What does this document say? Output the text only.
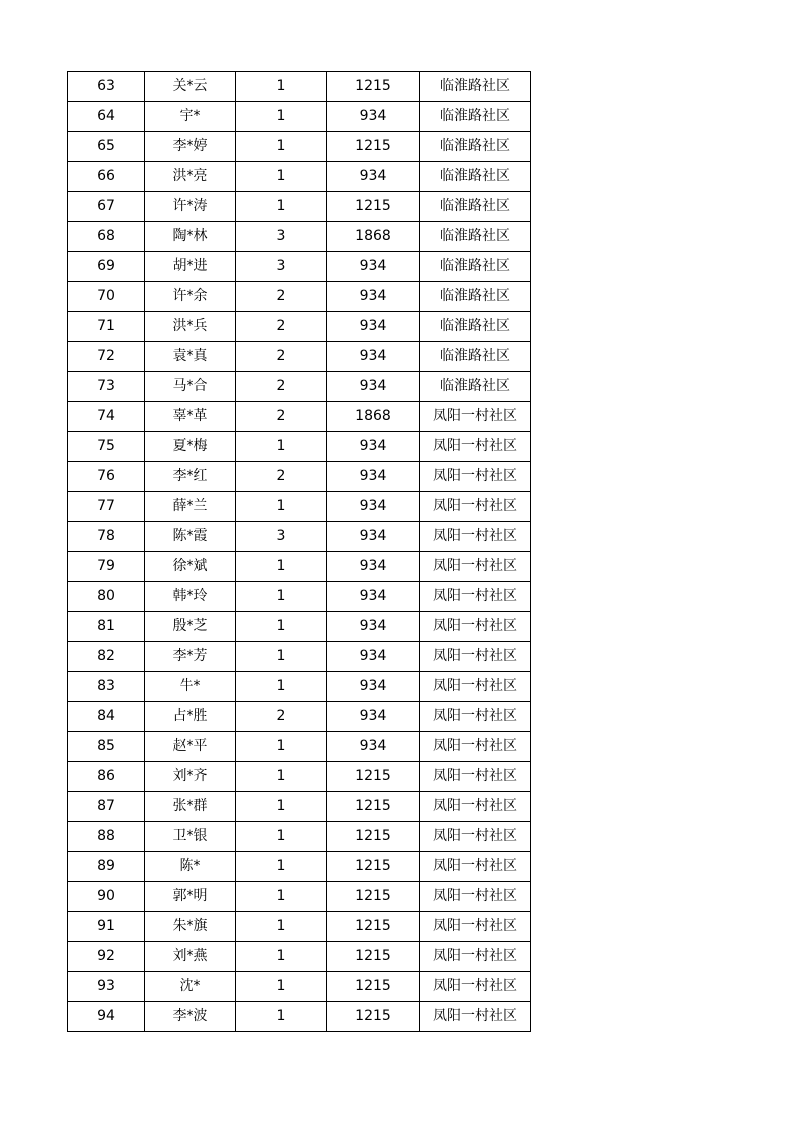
63	关*云	1	1215	临淮路社区
64	宇*	1	934	临淮路社区
65	李*婷	1	1215	临淮路社区
66	洪*亮	1	934	临淮路社区
67	许*涛	1	1215	临淮路社区
68	陶*林	3	1868	临淮路社区
69	胡*进	3	934	临淮路社区
70	许*余	2	934	临淮路社区
71	洪*兵	2	934	临淮路社区
72	袁*真	2	934	临淮路社区
73	马*合	2	934	临淮路社区
74	辜*革	2	1868	凤阳一村社区
75	夏*梅	1	934	凤阳一村社区
76	李*红	2	934	凤阳一村社区
77	薛*兰	1	934	凤阳一村社区
78	陈*霞	3	934	凤阳一村社区
79	徐*斌	1	934	凤阳一村社区
80	韩*玲	1	934	凤阳一村社区
81	殷*芝	1	934	凤阳一村社区
82	李*芳	1	934	凤阳一村社区
83	牛*	1	934	凤阳一村社区
84	占*胜	2	934	凤阳一村社区
85	赵*平	1	934	凤阳一村社区
86	刘*齐	1	1215	凤阳一村社区
87	张*群	1	1215	凤阳一村社区
88	卫*银	1	1215	凤阳一村社区
89	陈*	1	1215	凤阳一村社区
90	郭*明	1	1215	凤阳一村社区
91	朱*旗	1	1215	凤阳一村社区
92	刘*燕	1	1215	凤阳一村社区
93	沈*	1	1215	凤阳一村社区
94	李*波	1	1215	凤阳一村社区
